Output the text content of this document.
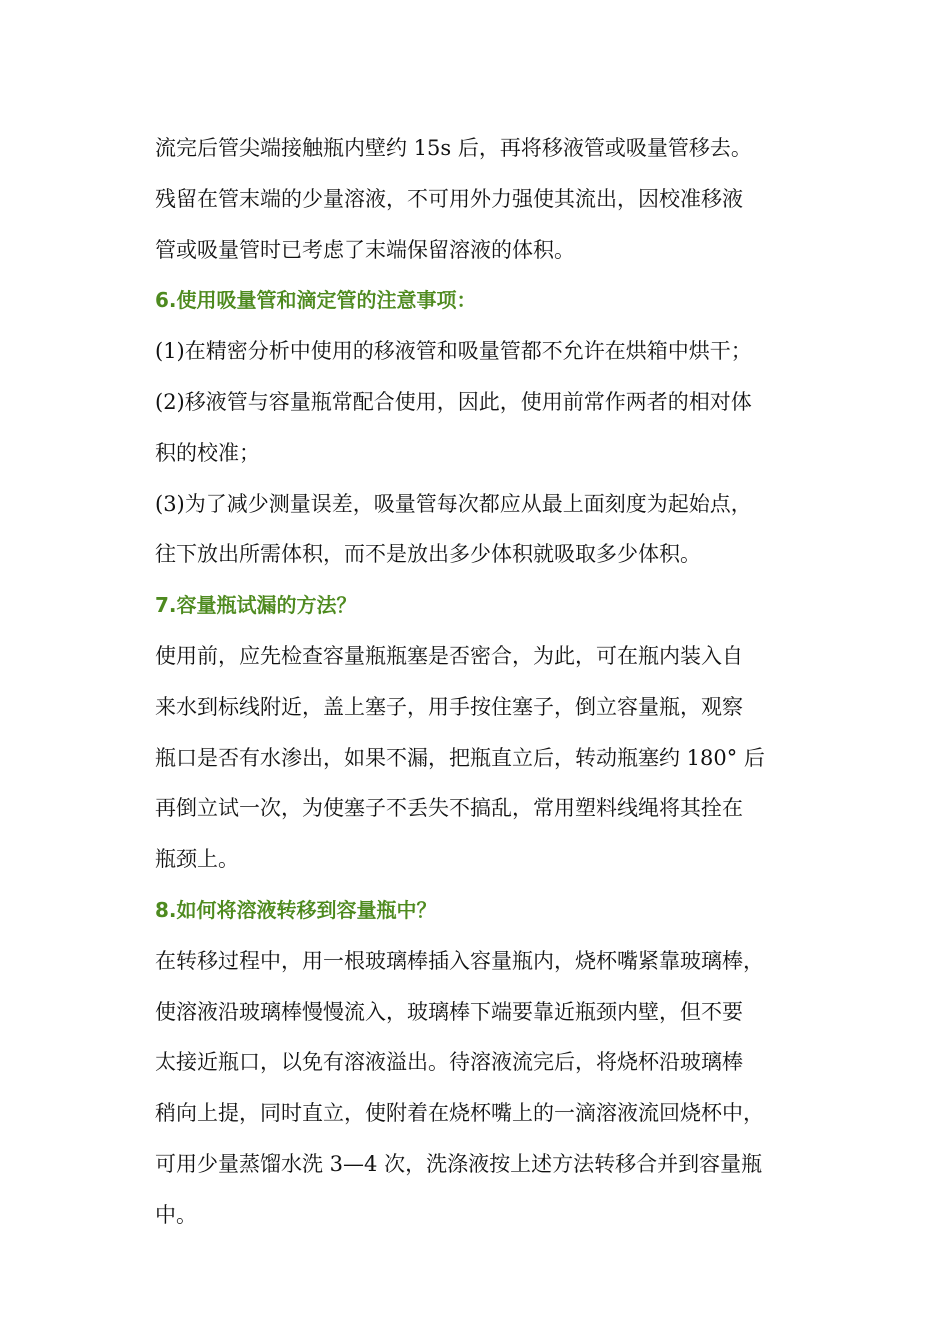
流完后管尖端接触瓶内壁约 15s 后，再将移液管或吸量管移去。
残留在管末端的少量溶液，不可用外力强使其流出，因校准移液
管或吸量管时已考虑了末端保留溶液的体积。
6.使用吸量管和滴定管的注意事项：
(1)在精密分析中使用的移液管和吸量管都不允许在烘箱中烘干；
(2)移液管与容量瓶常配合使用，因此，使用前常作两者的相对体
积的校准；
(3)为了减少测量误差，吸量管每次都应从最上面刻度为起始点，
往下放出所需体积，而不是放出多少体积就吸取多少体积。
7.容量瓶试漏的方法？
使用前，应先检查容量瓶瓶塞是否密合，为此，可在瓶内装入自
来水到标线附近，盖上塞子，用手按住塞子，倒立容量瓶，观察
瓶口是否有水渗出，如果不漏，把瓶直立后，转动瓶塞约 180° 后
再倒立试一次，为使塞子不丢失不搞乱，常用塑料线绳将其拴在
瓶颈上。
8.如何将溶液转移到容量瓶中？
在转移过程中，用一根玻璃棒插入容量瓶内，烧杯嘴紧靠玻璃棒，
使溶液沿玻璃棒慢慢流入，玻璃棒下端要靠近瓶颈内壁，但不要
太接近瓶口，以免有溶液溢出。待溶液流完后，将烧杯沿玻璃棒
稍向上提，同时直立，使附着在烧杯嘴上的一滴溶液流回烧杯中，
可用少量蒸馏水洗 3—4 次，洗涤液按上述方法转移合并到容量瓶
中。
